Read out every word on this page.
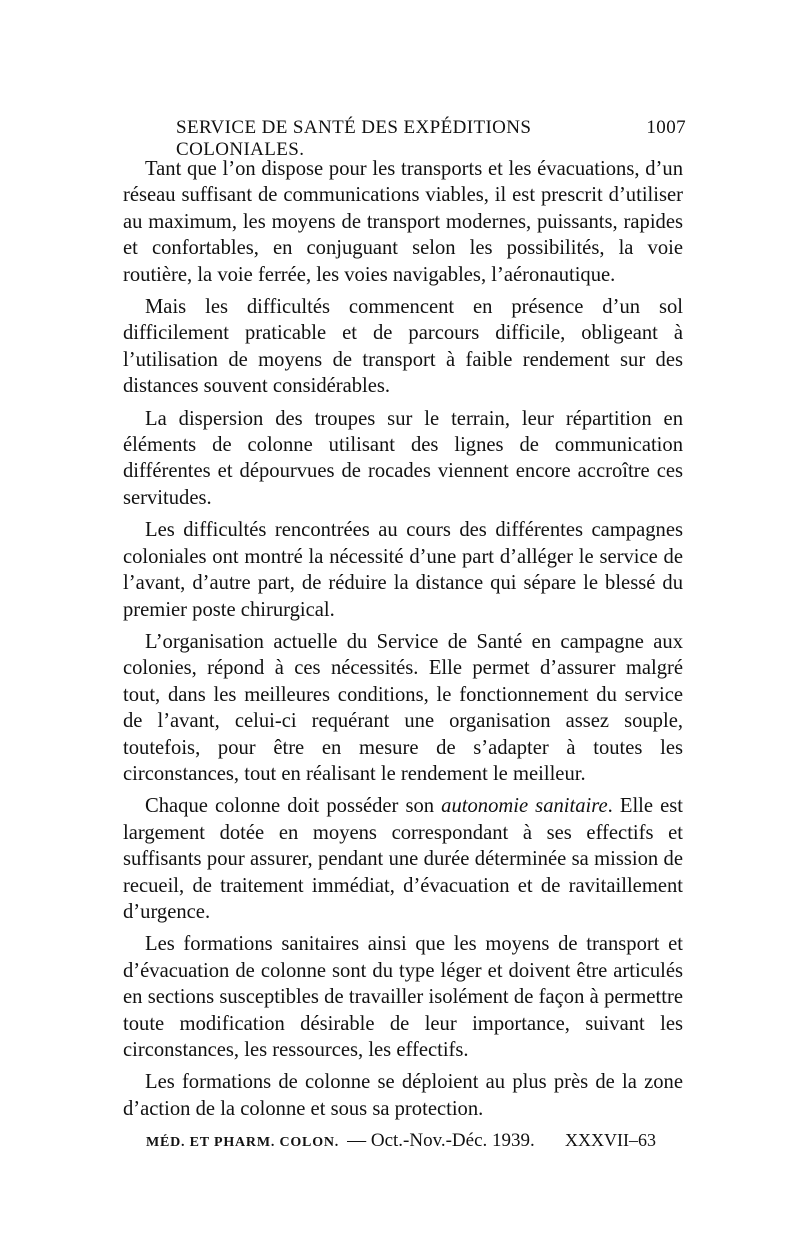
SERVICE DE SANTÉ DES EXPÉDITIONS COLONIALES.
1007

Tant que l’on dispose pour les transports et les évacuations, d’un réseau suffisant de communications viables, il est prescrit d’utiliser au maximum, les moyens de transport modernes, puissants, rapides et confortables, en conjuguant selon les possibilités, la voie routière, la voie ferrée, les voies navigables, l’aéronautique.

Mais les difficultés commencent en présence d’un sol difficilement praticable et de parcours difficile, obligeant à l’utilisation de moyens de transport à faible rendement sur des distances souvent considérables.

La dispersion des troupes sur le terrain, leur répartition en éléments de colonne utilisant des lignes de communication différentes et dépourvues de rocades viennent encore accroître ces servitudes.

Les difficultés rencontrées au cours des différentes campagnes coloniales ont montré la nécessité d’une part d’alléger le service de l’avant, d’autre part, de réduire la distance qui sépare le blessé du premier poste chirurgical.

L’organisation actuelle du Service de Santé en campagne aux colonies, répond à ces nécessités. Elle permet d’assurer malgré tout, dans les meilleures conditions, le fonctionnement du service de l’avant, celui-ci requérant une organisation assez souple, toutefois, pour être en mesure de s’adapter à toutes les circonstances, tout en réalisant le rendement le meilleur.

Chaque colonne doit posséder son autonomie sanitaire. Elle est largement dotée en moyens correspondant à ses effectifs et suffisants pour assurer, pendant une durée déterminée sa mission de recueil, de traitement immédiat, d’évacuation et de ravitaillement d’urgence.

Les formations sanitaires ainsi que les moyens de transport et d’évacuation de colonne sont du type léger et doivent être articulés en sections susceptibles de travailler isolément de façon à permettre toute modification désirable de leur importance, suivant les circonstances, les ressources, les effectifs.

Les formations de colonne se déploient au plus près de la zone d’action de la colonne et sous sa protection.

MÉD. ET PHARM. COLON. — Oct.-Nov.-Déc. 1939. XXXVII–63
